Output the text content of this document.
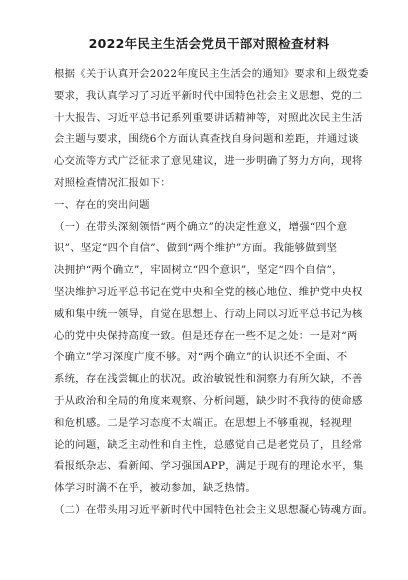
2022年民主生活会党员干部对照检查材料
根据《关于认真开会2022年度民主生活会的通知》要求和上级党委
要求，我认真学习了习近平新时代中国特色社会主义思想、党的二
十大报告、习近平总书记系列重要讲话精神等，对照此次民主生活
会主题与要求，围绕6个方面认真查找自身问题和差距，并通过谈
心交流等方式广泛征求了意见建议，进一步明确了努力方向，现将
对照检查情况汇报如下：
一、存在的突出问题
（一）在带头深刻领悟“两个确立”的决定性意义，增强“四个意
识”、坚定“四个自信”、做到“两个维护”方面。我能够做到坚
决拥护“两个确立”，牢固树立“四个意识”，坚定“四个自信”，
坚决维护习近平总书记在党中央和全党的核心地位、维护党中央权
威和集中统一领导，自觉在思想上、行动上同以习近平总书记为核
心的党中央保持高度一致。但是还存在一些不足之处：一是对“两
个确立”学习深度广度不够。对“两个确立”的认识还不全面、不
系统，存在浅尝辄止的状况。政治敏锐性和洞察力有所欠缺，不善
于从政治和全局的角度来观察、分析问题，缺少时不我待的使命感
和危机感。二是学习态度不太端正。在思想上不够重视，轻视理
论的问题，缺乏主动性和自主性，总感觉自己是老党员了，且经常
看报纸杂志、看新闻、学习强国APP，满足于现有的理论水平，集
体学习时满不在乎，被动参加，缺乏热情。
（二）在带头用习近平新时代中国特色社会主义思想凝心铸魂方面。
